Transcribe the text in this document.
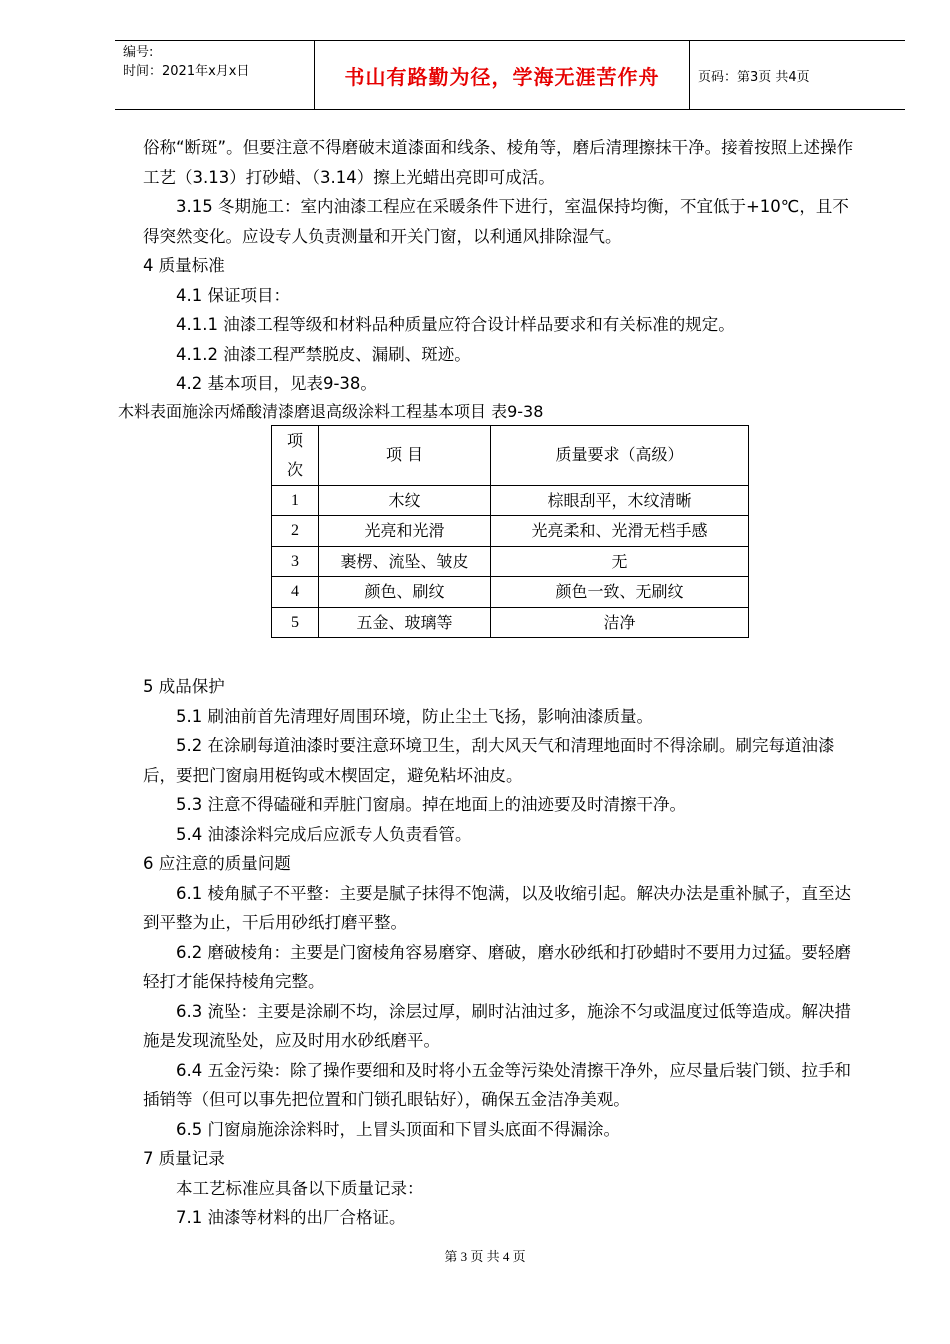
编号:
时间：2021年x月x日	书山有路勤为径，学海无涯苦作舟	页码：第3页 共4页

俗称“断斑”。但要注意不得磨破末道漆面和线条、棱角等，磨后清理擦抹干净。接着按照上述操作工艺（3.13）打砂蜡、（3.14）擦上光蜡出亮即可成活。

3.15 冬期施工：室内油漆工程应在采暖条件下进行，室温保持均衡，不宜低于+10℃，且不得突然变化。应设专人负责测量和开关门窗，以利通风排除湿气。

4 质量标准

4.1 保证项目：

4.1.1 油漆工程等级和材料品种质量应符合设计样品要求和有关标准的规定。

4.1.2 油漆工程严禁脱皮、漏刷、斑迹。

4.2 基本项目，见表9-38。

木料表面施涂丙烯酸清漆磨退高级涂料工程基本项目 表9-38

项
次	项 目	质量要求（高级）
1	木纹	棕眼刮平，木纹清晰
2	光亮和光滑	光亮柔和、光滑无档手感
3	裹楞、流坠、皱皮	无
4	颜色、刷纹	颜色一致、无刷纹
5	五金、玻璃等	洁净

5 成品保护

5.1 刷油前首先清理好周围环境，防止尘土飞扬，影响油漆质量。

5.2 在涂刷每道油漆时要注意环境卫生，刮大风天气和清理地面时不得涂刷。刷完每道油漆后，要把门窗扇用梃钩或木楔固定，避免粘坏油皮。

5.3 注意不得磕碰和弄脏门窗扇。掉在地面上的油迹要及时清擦干净。

5.4 油漆涂料完成后应派专人负责看管。

6 应注意的质量问题

6.1 棱角腻子不平整：主要是腻子抹得不饱满，以及收缩引起。解决办法是重补腻子，直至达到平整为止，干后用砂纸打磨平整。

6.2 磨破棱角：主要是门窗棱角容易磨穿、磨破，磨水砂纸和打砂蜡时不要用力过猛。要轻磨轻打才能保持棱角完整。

6.3 流坠：主要是涂刷不均，涂层过厚，刷时沾油过多，施涂不匀或温度过低等造成。解决措施是发现流坠处，应及时用水砂纸磨平。

6.4 五金污染：除了操作要细和及时将小五金等污染处清擦干净外，应尽量后装门锁、拉手和插销等（但可以事先把位置和门锁孔眼钻好），确保五金洁净美观。

6.5 门窗扇施涂涂料时，上冒头顶面和下冒头底面不得漏涂。

7 质量记录

本工艺标准应具备以下质量记录：

7.1 油漆等材料的出厂合格证。

第 3 页 共 4 页
